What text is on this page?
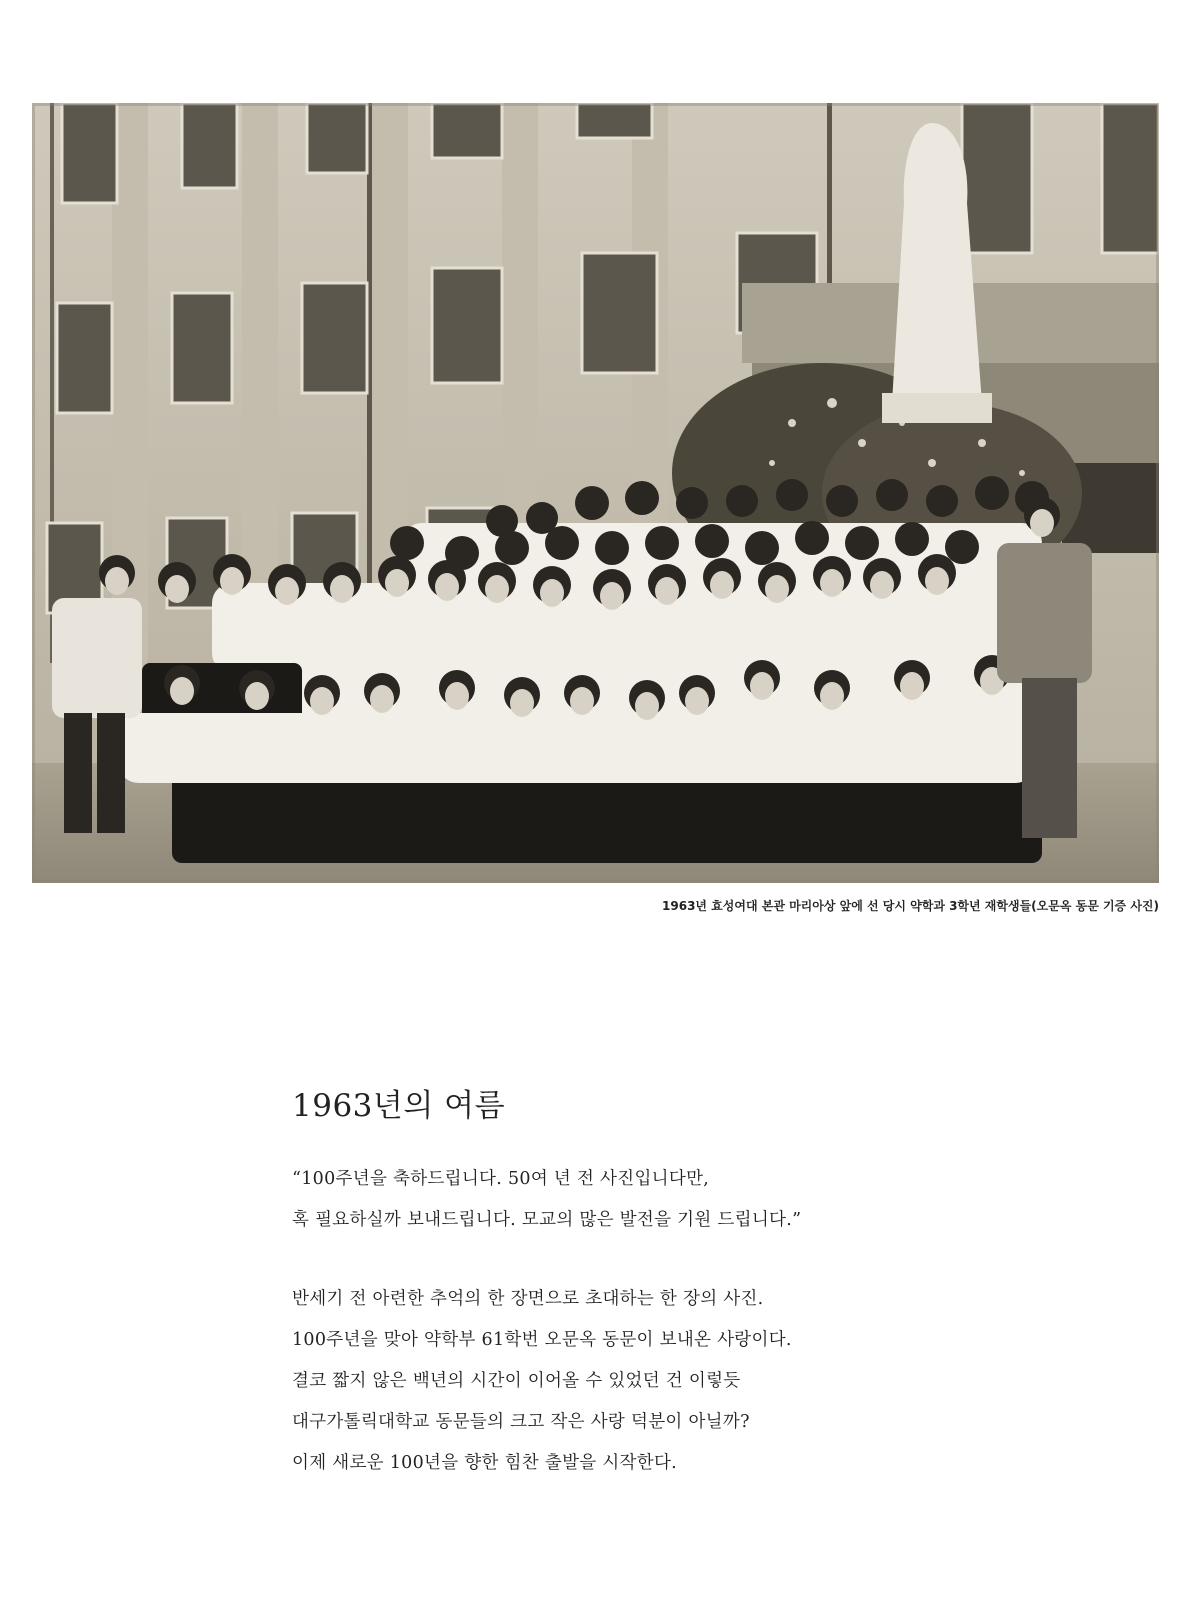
1963년 효성여대 본관 마리아상 앞에 선 당시 약학과 3학년 재학생들(오문옥 동문 기증 사진)
1963년의 여름
“100주년을 축하드립니다. 50여 년 전 사진입니다만,
혹 필요하실까 보내드립니다. 모교의 많은 발전을 기원 드립니다.”
반세기 전 아련한 추억의 한 장면으로 초대하는 한 장의 사진.
100주년을 맞아 약학부 61학번 오문옥 동문이 보내온 사랑이다.
결코 짧지 않은 백년의 시간이 이어올 수 있었던 건 이렇듯
대구가톨릭대학교 동문들의 크고 작은 사랑 덕분이 아닐까?
이제 새로운 100년을 향한 힘찬 출발을 시작한다.
